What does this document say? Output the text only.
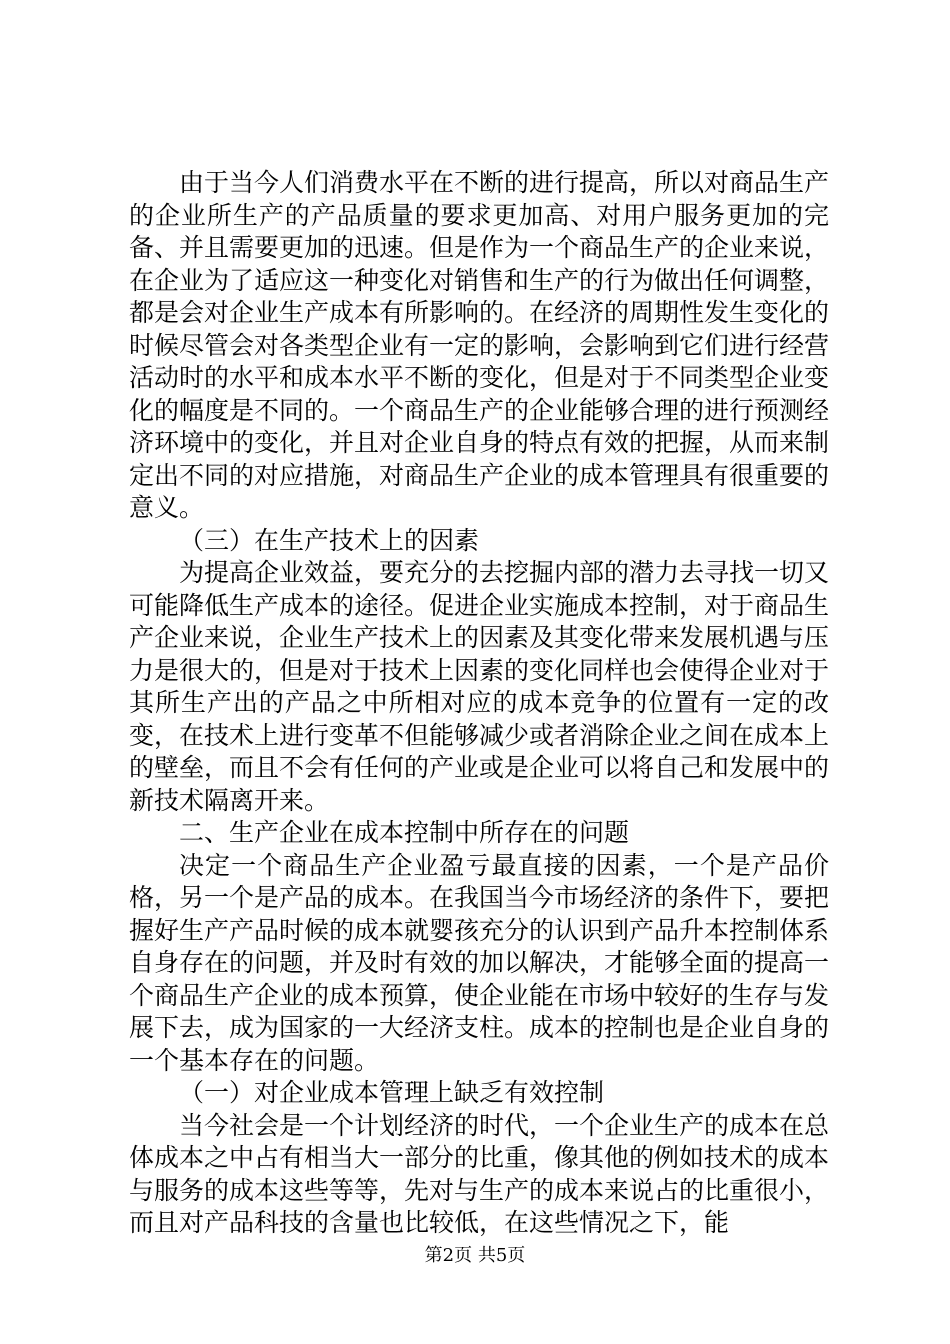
由于当今人们消费水平在不断的进行提高，所以对商品生产的企业所生产的产品质量的要求更加高、对用户服务更加的完备、并且需要更加的迅速。但是作为一个商品生产的企业来说，在企业为了适应这一种变化对销售和生产的行为做出任何调整，都是会对企业生产成本有所影响的。在经济的周期性发生变化的时候尽管会对各类型企业有一定的影响，会影响到它们进行经营活动时的水平和成本水平不断的变化，但是对于不同类型企业变化的幅度是不同的。一个商品生产的企业能够合理的进行预测经济环境中的变化，并且对企业自身的特点有效的把握，从而来制定出不同的对应措施，对商品生产企业的成本管理具有很重要的意义。

（三）在生产技术上的因素

为提高企业效益，要充分的去挖掘内部的潜力去寻找一切又可能降低生产成本的途径。促进企业实施成本控制，对于商品生产企业来说，企业生产技术上的因素及其变化带来发展机遇与压力是很大的，但是对于技术上因素的变化同样也会使得企业对于其所生产出的产品之中所相对应的成本竞争的位置有一定的改变，在技术上进行变革不但能够减少或者消除企业之间在成本上的壁垒，而且不会有任何的产业或是企业可以将自己和发展中的新技术隔离开来。

二、生产企业在成本控制中所存在的问题

决定一个商品生产企业盈亏最直接的因素，一个是产品价格，另一个是产品的成本。在我国当今市场经济的条件下，要把握好生产产品时候的成本就婴孩充分的认识到产品升本控制体系自身存在的问题，并及时有效的加以解决，才能够全面的提高一个商品生产企业的成本预算，使企业能在市场中较好的生存与发展下去，成为国家的一大经济支柱。成本的控制也是企业自身的一个基本存在的问题。

（一）对企业成本管理上缺乏有效控制

当今社会是一个计划经济的时代，一个企业生产的成本在总体成本之中占有相当大一部分的比重，像其他的例如技术的成本与服务的成本这些等等，先对与生产的成本来说占的比重很小，而且对产品科技的含量也比较低，在这些情况之下，能

第2页 共5页
